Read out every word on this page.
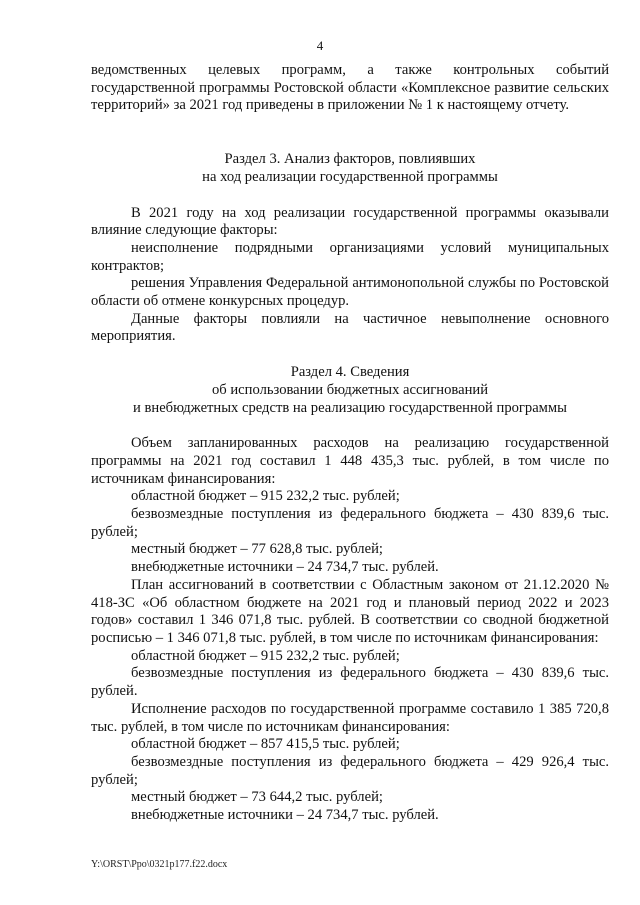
4

ведомственных целевых программ, а также контрольных событий государственной программы Ростовской области «Комплексное развитие сельских территорий» за 2021 год приведены в приложении № 1 к настоящему отчету.

Раздел 3. Анализ факторов, повлиявших
на ход реализации государственной программы

В 2021 году на ход реализации государственной программы оказывали влияние следующие факторы:

неисполнение подрядными организациями условий муниципальных контрактов;

решения Управления Федеральной антимонопольной службы по Ростовской области об отмене конкурсных процедур.

Данные факторы повлияли на частичное невыполнение основного мероприятия.

Раздел 4. Сведения
об использовании бюджетных ассигнований
и внебюджетных средств на реализацию государственной программы

Объем запланированных расходов на реализацию государственной программы на 2021 год составил 1 448 435,3 тыс. рублей, в том числе по источникам финансирования:

областной бюджет – 915 232,2 тыс. рублей;

безвозмездные поступления из федерального бюджета – 430 839,6 тыс. рублей;

местный бюджет – 77 628,8 тыс. рублей;

внебюджетные источники – 24 734,7 тыс. рублей.

План ассигнований в соответствии с Областным законом от 21.12.2020 № 418-ЗС «Об областном бюджете на 2021 год и плановый период 2022 и 2023 годов» составил 1 346 071,8 тыс. рублей. В соответствии со сводной бюджетной росписью – 1 346 071,8 тыс. рублей, в том числе по источникам финансирования:

областной бюджет – 915 232,2 тыс. рублей;

безвозмездные поступления из федерального бюджета – 430 839,6 тыс. рублей.

Исполнение расходов по государственной программе составило 1 385 720,8 тыс. рублей, в том числе по источникам финансирования:

областной бюджет – 857 415,5 тыс. рублей;

безвозмездные поступления из федерального бюджета – 429 926,4 тыс. рублей;

местный бюджет – 73 644,2 тыс. рублей;

внебюджетные источники – 24 734,7 тыс. рублей.

Y:\ORST\Ppo\0321p177.f22.docx
